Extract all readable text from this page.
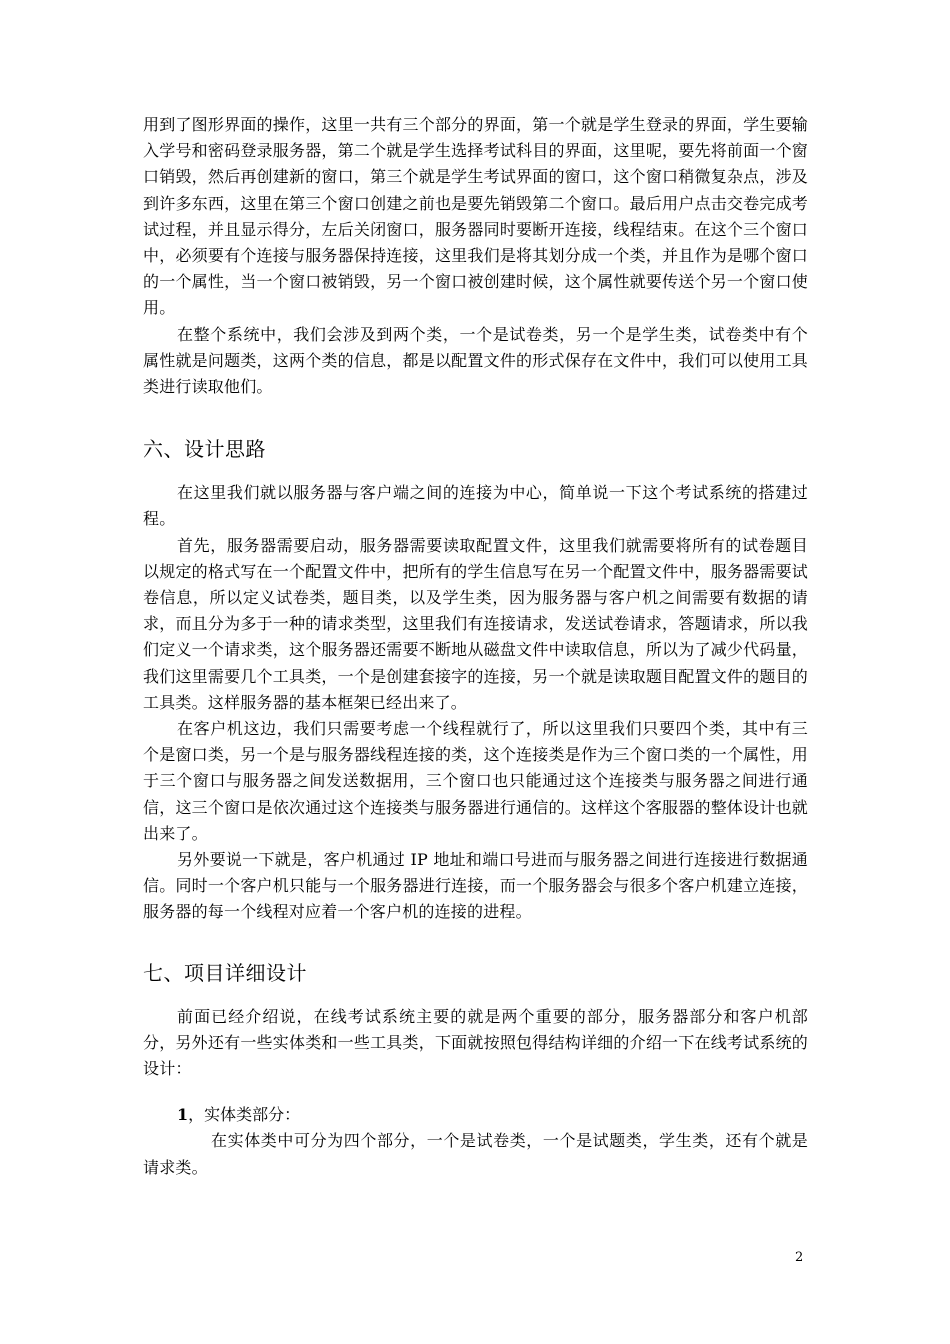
用到了图形界面的操作，这里一共有三个部分的界面，第一个就是学生登录的界面，学生要输入学号和密码登录服务器，第二个就是学生选择考试科目的界面，这里呢，要先将前面一个窗口销毁，然后再创建新的窗口，第三个就是学生考试界面的窗口，这个窗口稍微复杂点，涉及到许多东西，这里在第三个窗口创建之前也是要先销毁第二个窗口。最后用户点击交卷完成考试过程，并且显示得分，左后关闭窗口，服务器同时要断开连接，线程结束。在这个三个窗口中，必须要有个连接与服务器保持连接，这里我们是将其划分成一个类，并且作为是哪个窗口的一个属性，当一个窗口被销毁，另一个窗口被创建时候，这个属性就要传送个另一个窗口使用。

在整个系统中，我们会涉及到两个类，一个是试卷类，另一个是学生类，试卷类中有个属性就是问题类，这两个类的信息，都是以配置文件的形式保存在文件中，我们可以使用工具类进行读取他们。

六、设计思路

在这里我们就以服务器与客户端之间的连接为中心，简单说一下这个考试系统的搭建过程。

首先，服务器需要启动，服务器需要读取配置文件，这里我们就需要将所有的试卷题目以规定的格式写在一个配置文件中，把所有的学生信息写在另一个配置文件中，服务器需要试卷信息，所以定义试卷类，题目类，以及学生类，因为服务器与客户机之间需要有数据的请求，而且分为多于一种的请求类型，这里我们有连接请求，发送试卷请求，答题请求，所以我们定义一个请求类，这个服务器还需要不断地从磁盘文件中读取信息，所以为了减少代码量，我们这里需要几个工具类，一个是创建套接字的连接，另一个就是读取题目配置文件的题目的工具类。这样服务器的基本框架已经出来了。

在客户机这边，我们只需要考虑一个线程就行了，所以这里我们只要四个类，其中有三个是窗口类，另一个是与服务器线程连接的类，这个连接类是作为三个窗口类的一个属性，用于三个窗口与服务器之间发送数据用，三个窗口也只能通过这个连接类与服务器之间进行通信，这三个窗口是依次通过这个连接类与服务器进行通信的。这样这个客服器的整体设计也就出来了。

另外要说一下就是，客户机通过 IP 地址和端口号进而与服务器之间进行连接进行数据通信。同时一个客户机只能与一个服务器进行连接，而一个服务器会与很多个客户机建立连接，服务器的每一个线程对应着一个客户机的连接的进程。

七、项目详细设计

前面已经介绍说，在线考试系统主要的就是两个重要的部分，服务器部分和客户机部分，另外还有一些实体类和一些工具类，下面就按照包得结构详细的介绍一下在线考试系统的设计：

1，实体类部分：

在实体类中可分为四个部分，一个是试卷类，一个是试题类，学生类，还有个就是请求类。

2
